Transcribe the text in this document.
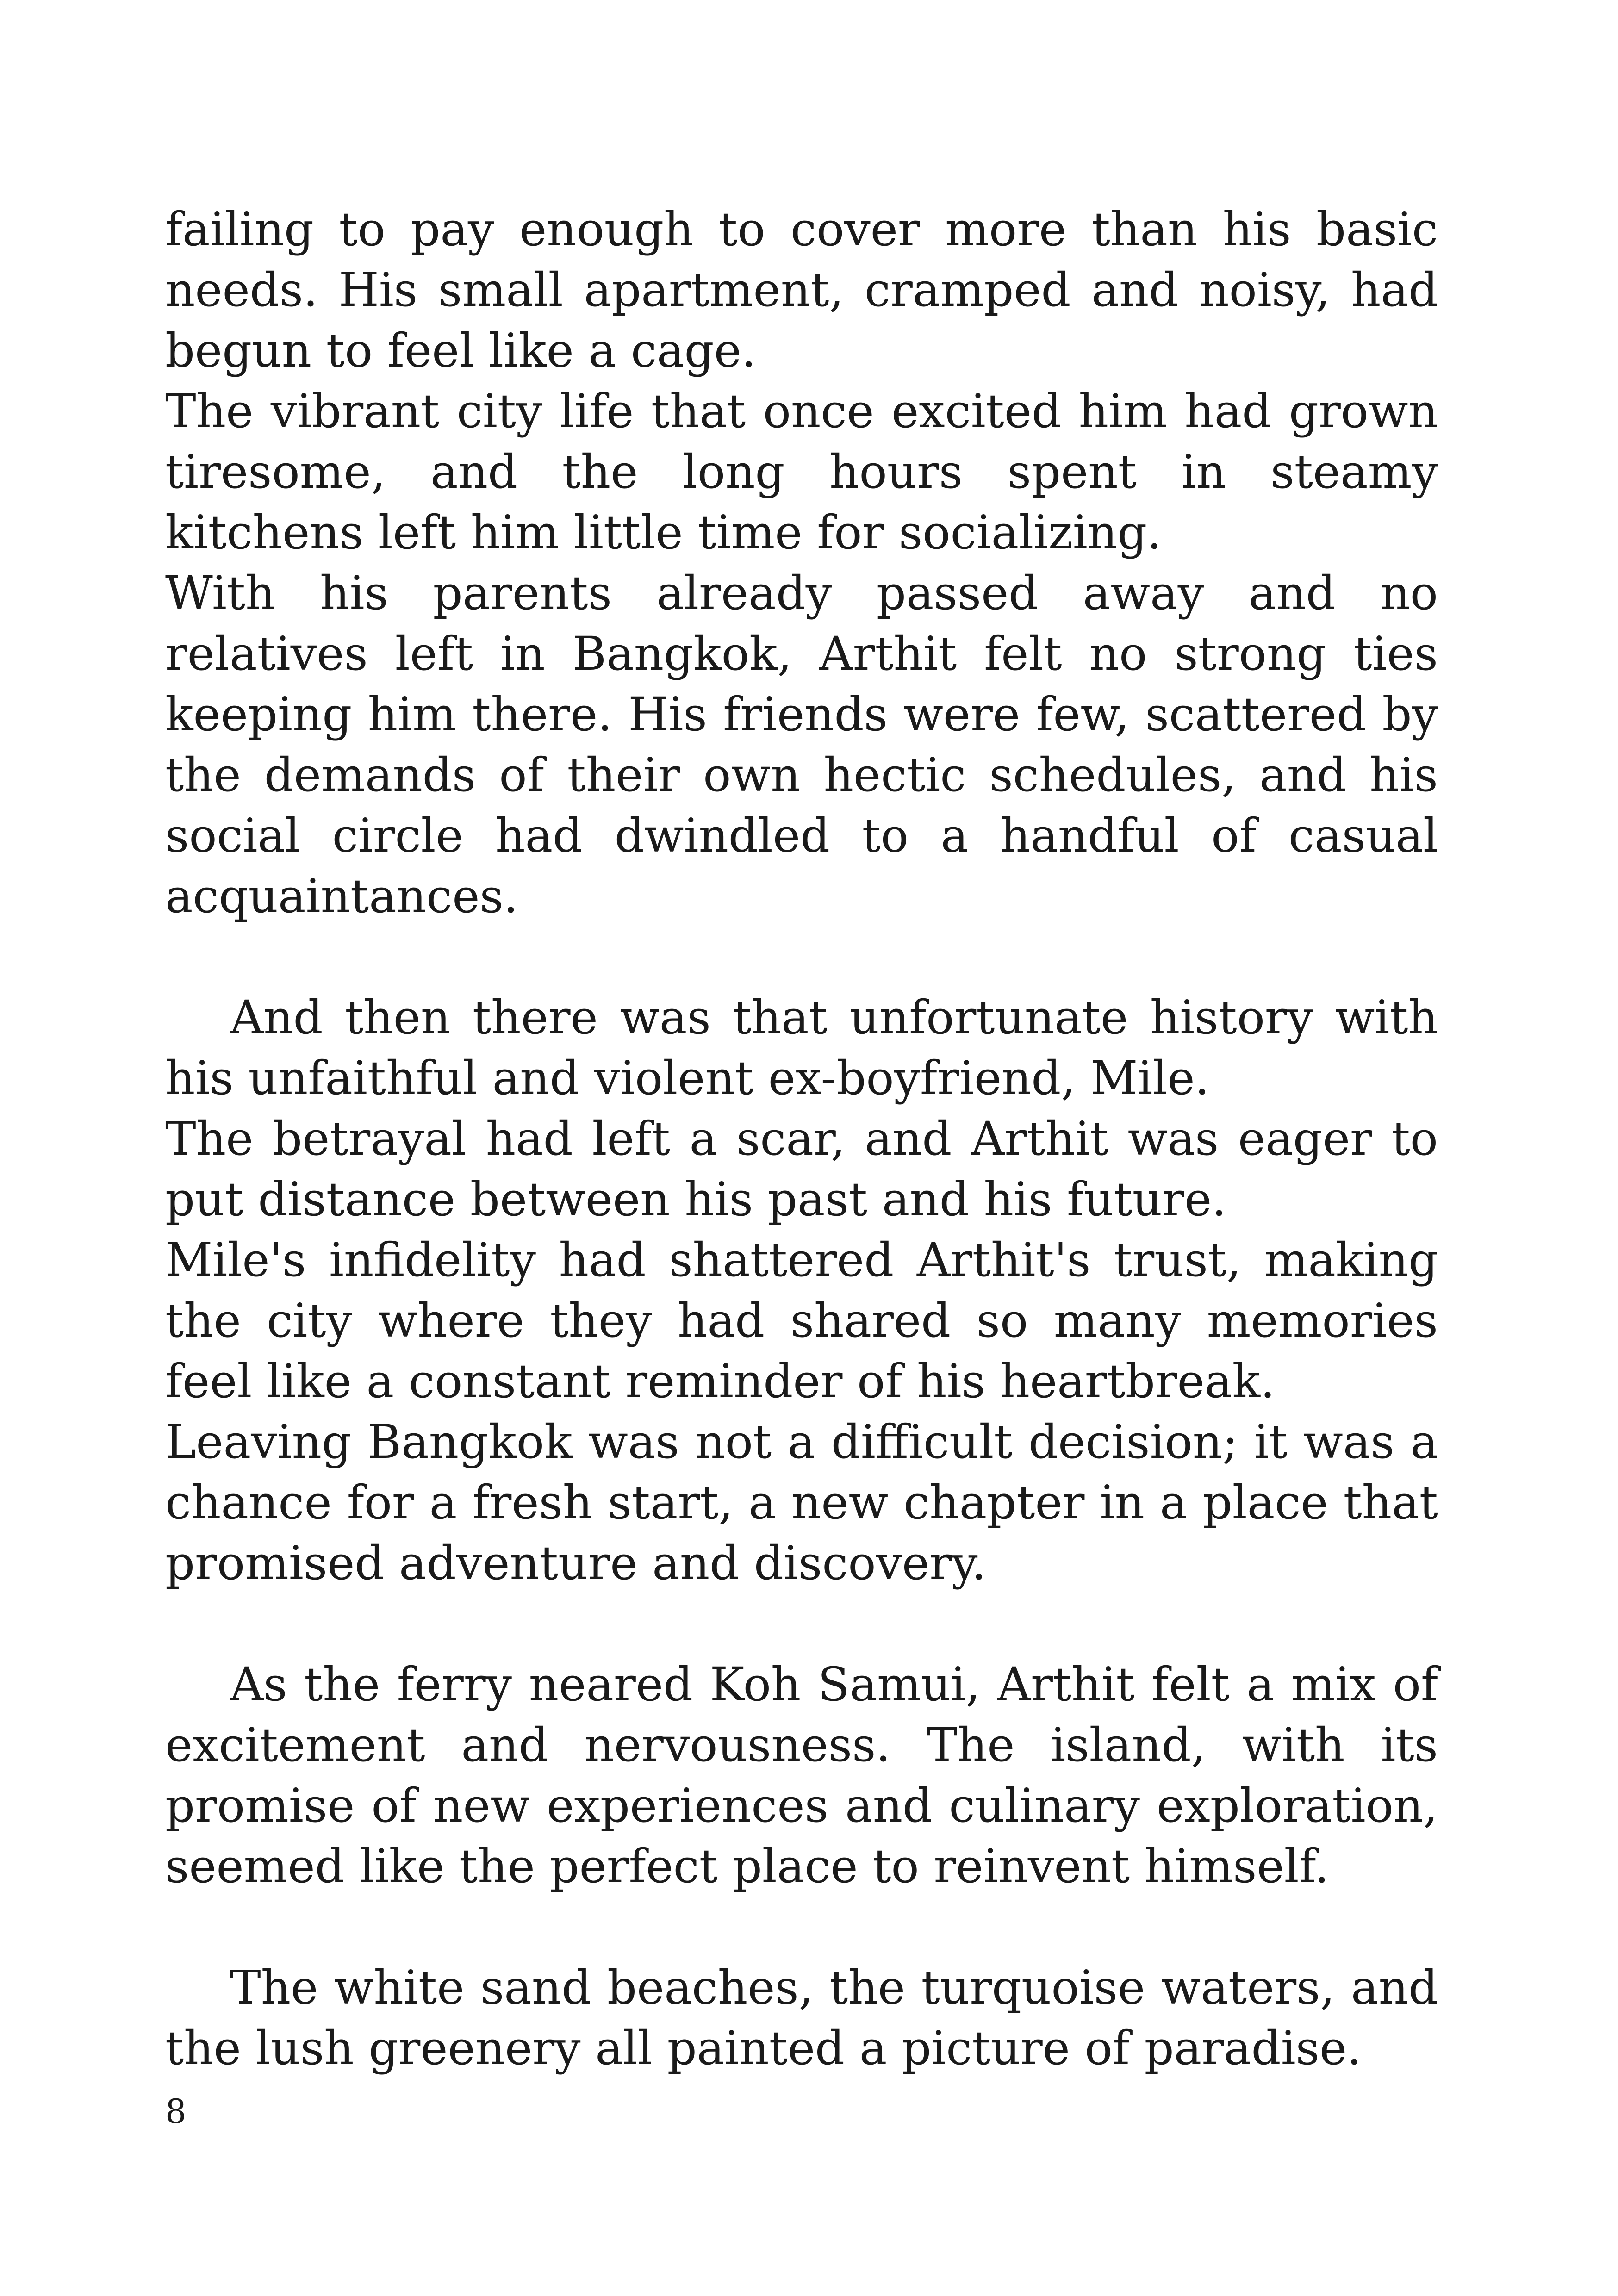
failing to pay enough to cover more than his basic needs. His small apartment, cramped and noisy, had begun to feel like a cage.

The vibrant city life that once excited him had grown tiresome, and the long hours spent in steamy kitchens left him little time for socializing.

With his parents already passed away and no relatives left in Bangkok, Arthit felt no strong ties keeping him there. His friends were few, scattered by the demands of their own hectic schedules, and his social circle had dwindled to a handful of casual acquaintances.

And then there was that unfortunate history with his unfaithful and violent ex-boyfriend, Mile.

The betrayal had left a scar, and Arthit was eager to put distance between his past and his future.

Mile's infidelity had shattered Arthit's trust, making the city where they had shared so many memories feel like a constant reminder of his heartbreak.

Leaving Bangkok was not a difficult decision; it was a chance for a fresh start, a new chapter in a place that promised adventure and discovery.

As the ferry neared Koh Samui, Arthit felt a mix of excitement and nervousness. The island, with its promise of new experiences and culinary exploration, seemed like the perfect place to reinvent himself.

The white sand beaches, the turquoise waters, and the lush greenery all painted a picture of paradise.

8
